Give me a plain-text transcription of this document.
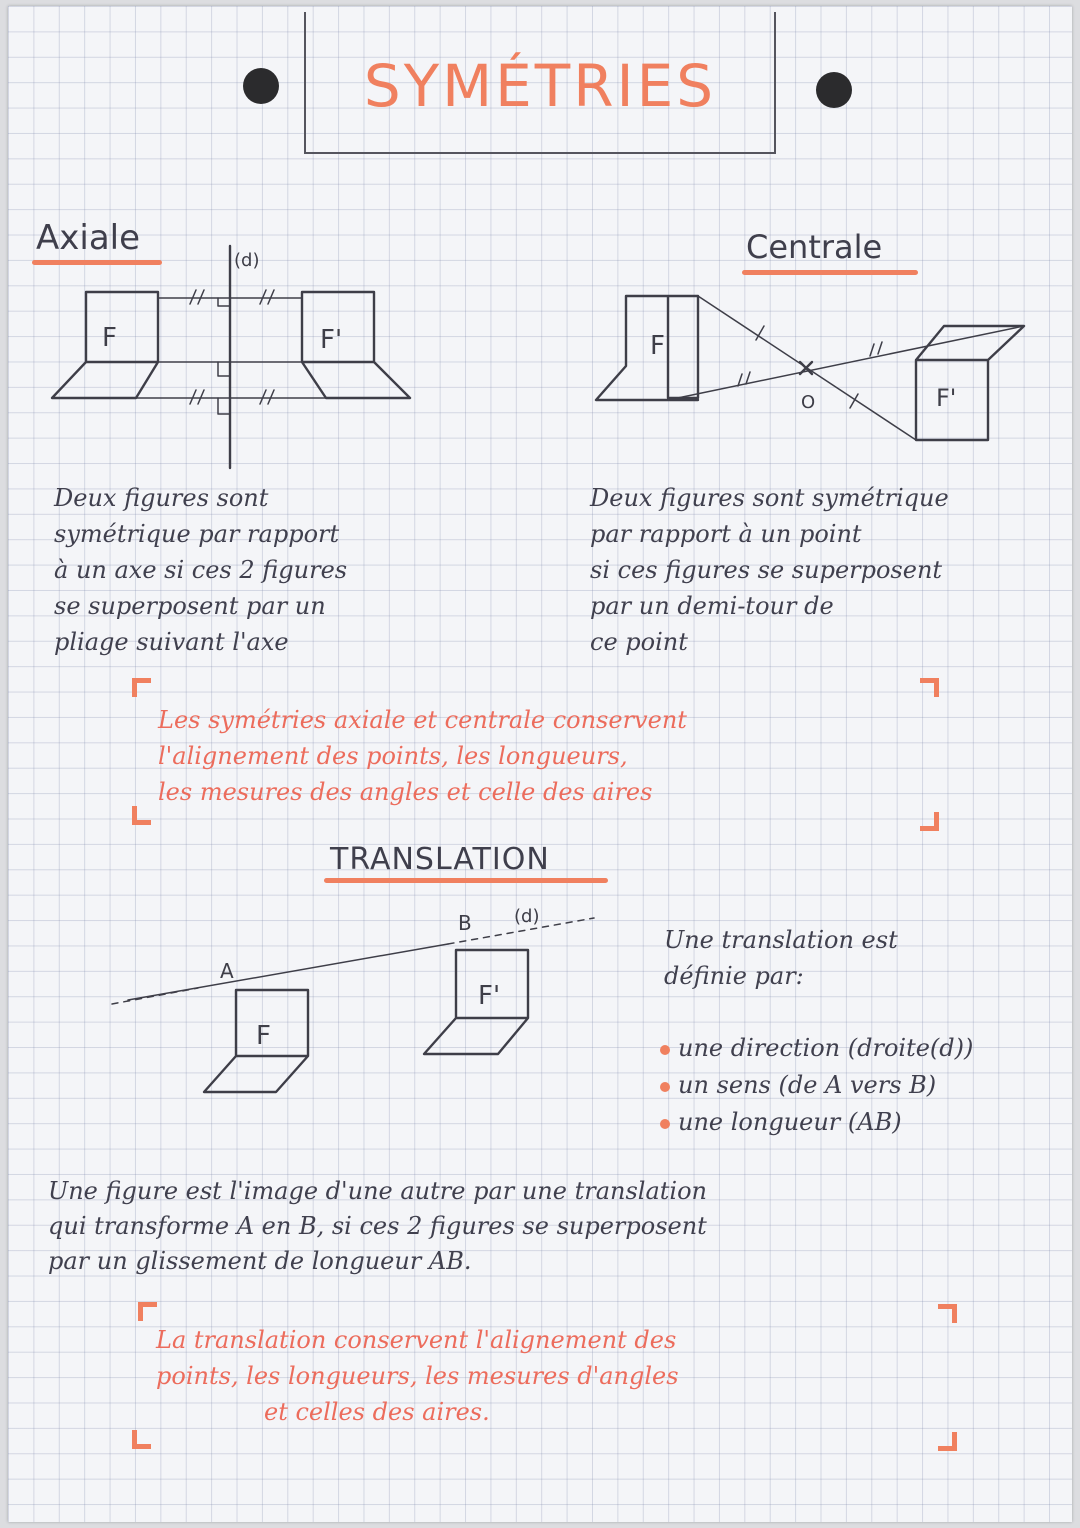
SYMÉTRIES
Axiale
(d)
F	F'
Deux figures sont
symétrique par rapport
à un axe si ces 2 figures
se superposent par un
pliage suivant l'axe
Centrale
F
F'
O
Deux figures sont symétrique
par rapport à un point
si ces figures se superposent
par un demi-tour de
ce point
Les symétries axiale et centrale conservent
l'alignement des points, les longueurs,
les mesures des angles et celle des aires
TRANSLATION
A
B (d)
F
F'
Une translation est
définie par:
une direction (droite(d))
un sens (de A vers B)
une longueur (AB)
Une figure est l'image d'une autre par une translation
qui transforme A en B, si ces 2 figures se superposent
par un glissement de longueur AB.
La translation conservent l'alignement des
points, les longueurs, les mesures d'angles
et celles des aires.
